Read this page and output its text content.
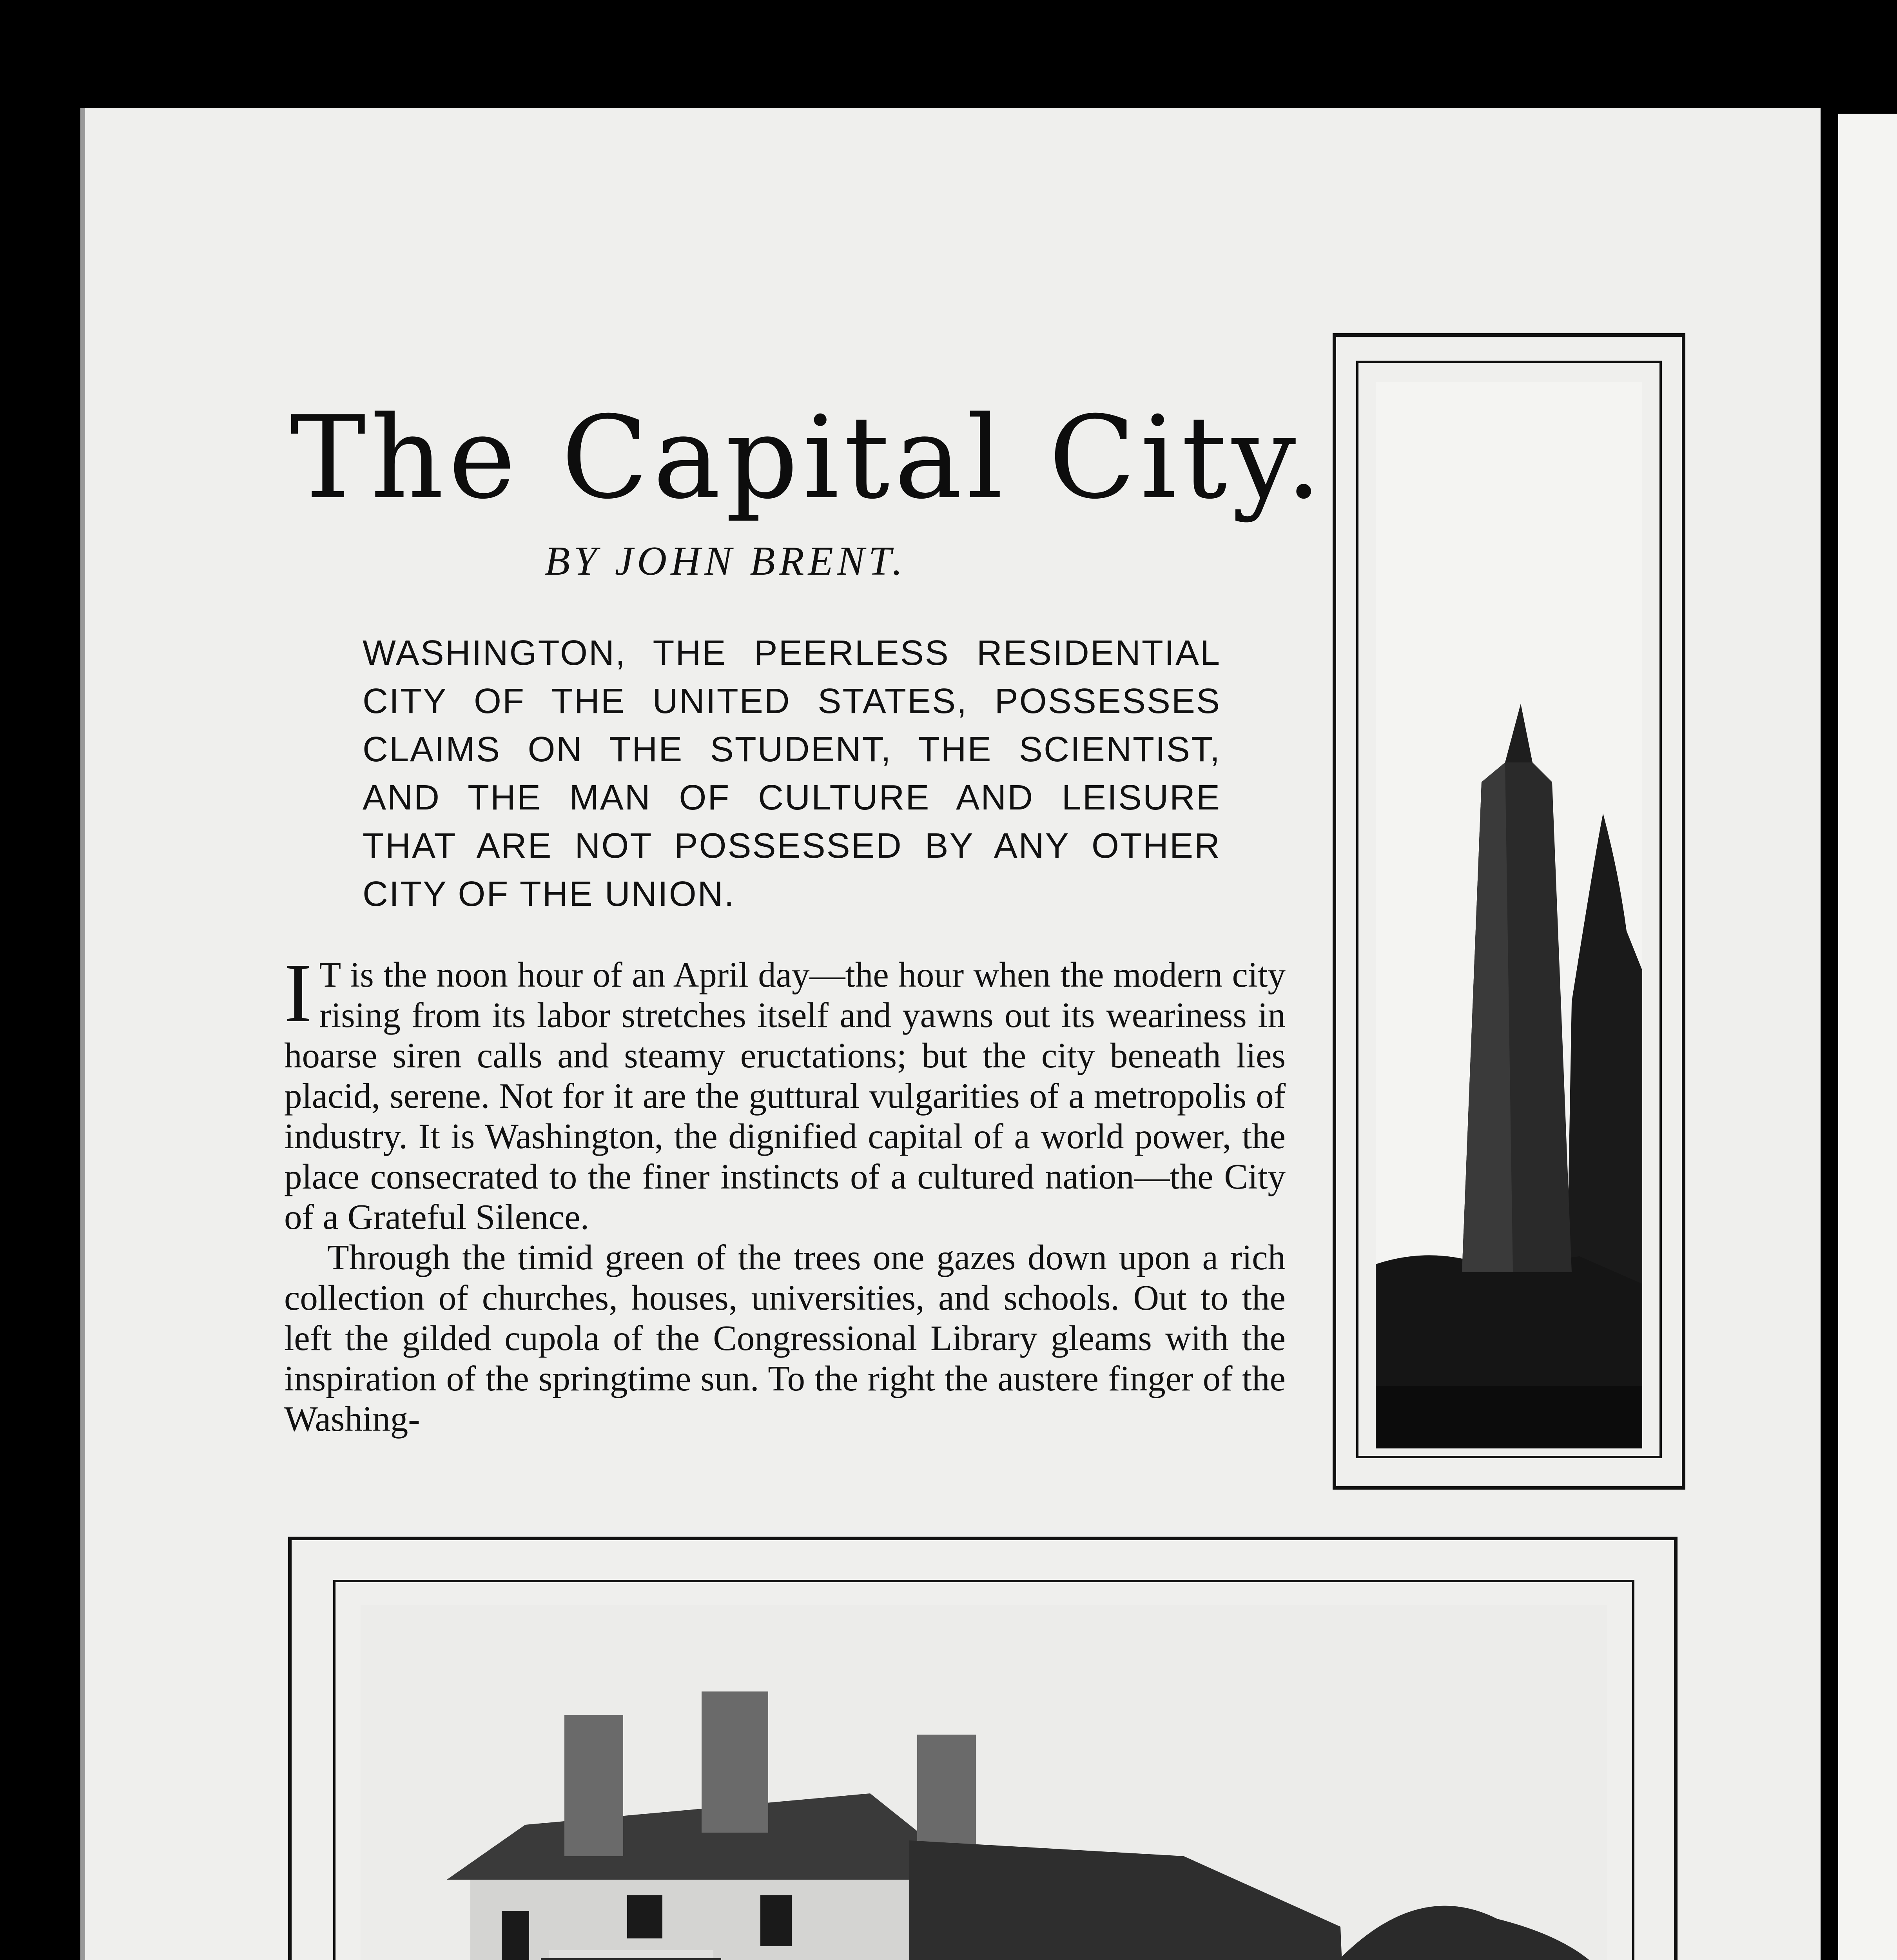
The Capital City.
BY JOHN BRENT.
WASHINGTON, THE PEERLESS RESIDENTIAL CITY OF THE UNITED STATES, POSSESSES CLAIMS ON THE STUDENT, THE SCIENTIST, AND THE MAN OF CULTURE AND LEISURE THAT ARE NOT POSSESSED BY ANY OTHER CITY OF THE UNION.

I T is the noon hour of an April day—the hour when the modern city rising from its labor stretches itself and yawns out its weariness in hoarse siren calls and steamy eructations; but the city beneath lies placid, serene. Not for it are the guttural vulgarities of a metropolis of industry. It is Washington, the dignified capital of a world power, the place consecrated to the finer instincts of a cultured nation—the City of a Grateful Silence.

Through the timid green of the trees one gazes down upon a rich collection of churches, houses, universities, and schools. Out to the left the gilded cupola of the Congressional Library gleams with the inspiration of the springtime sun. To the right the austere finger of the Washing-
